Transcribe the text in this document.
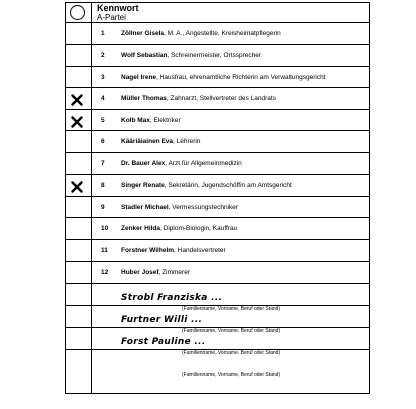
Kennwort
A-Partei
1	Zöllner Gisela, M. A., Angestellte, Kreisheimatpflegerin
2	Wolf Sebastian, Schreinermeister, Ortssprecher
3	Nagel Irene, Hausfrau, ehrenamtliche Richterin am Verwaltungsgericht
4	Müller Thomas, Zahnarzt, Stellvertreter des Landrats
5	Kolb Max, Elektriker
6	Kääriäiainen Eva, Lehrerin
7	Dr. Bauer Alex, Arzt für Allgemeinmedizin
8	Singer Renate, Sekretärin, Jugendschöffin am Amtsgericht
9	Stadler Michael, Vermessungstechniker
10	Zenker Hilda, Diplom-Biologin, Kauffrau
11	Forstner Wilhelm, Handelsvertreter
12	Huber Josef, Zimmerer
Strobl Franziska ...
(Familienname, Vorname, Beruf oder Stand)
Furtner Willi ...
(Familienname, Vorname, Beruf oder Stand)
Forst Pauline ...
(Familienname, Vorname, Beruf oder Stand)
(Familienname, Vorname, Beruf oder Stand)
